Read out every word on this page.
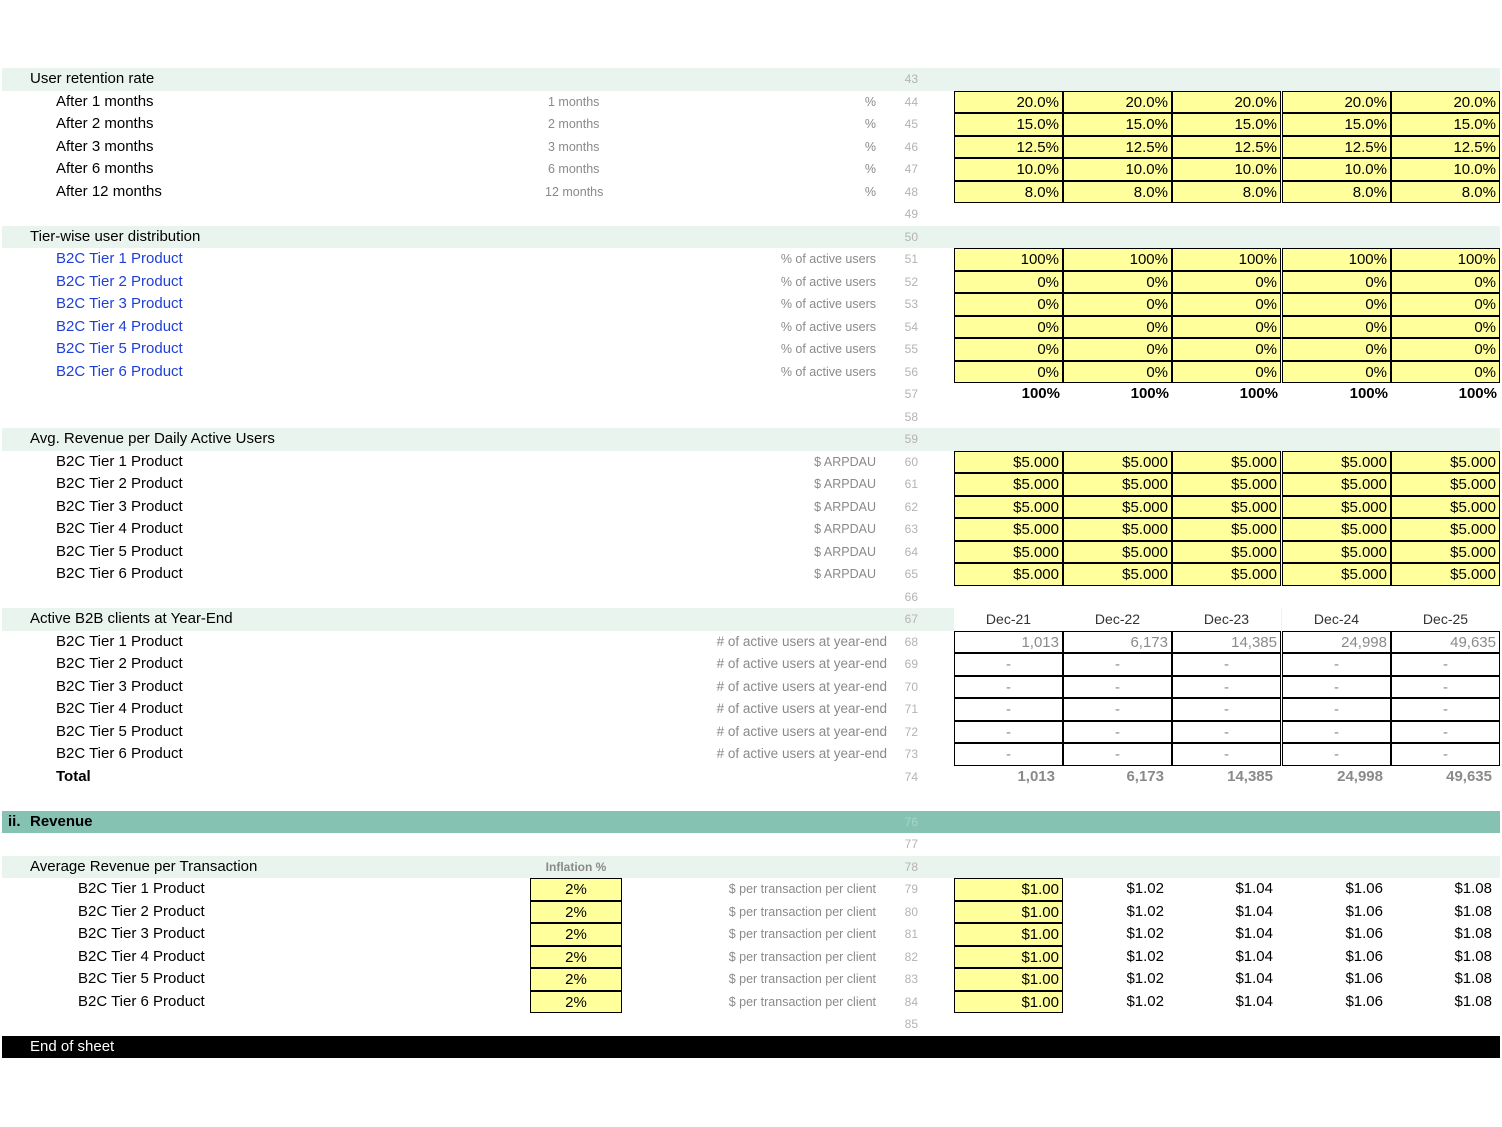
User retention rate	43
After 1 months	1 months	%	44	20.0%	20.0%	20.0%	20.0%	20.0%
After 2 months	2 months	%	45	15.0%	15.0%	15.0%	15.0%	15.0%
After 3 months	3 months	%	46	12.5%	12.5%	12.5%	12.5%	12.5%
After 6 months	6 months	%	47	10.0%	10.0%	10.0%	10.0%	10.0%
After 12 months	12 months	%	48	8.0%	8.0%	8.0%	8.0%	8.0%
49
Tier-wise user distribution	50
B2C Tier 1 Product	% of active users	51	100%	100%	100%	100%	100%
B2C Tier 2 Product	% of active users	52	0%	0%	0%	0%	0%
B2C Tier 3 Product	% of active users	53	0%	0%	0%	0%	0%
B2C Tier 4 Product	% of active users	54	0%	0%	0%	0%	0%
B2C Tier 5 Product	% of active users	55	0%	0%	0%	0%	0%
B2C Tier 6 Product	% of active users	56	0%	0%	0%	0%	0%
57	100%	100%	100%	100%	100%
58
Avg. Revenue per Daily Active Users	59
B2C Tier 1 Product	$ ARPDAU	60	$5.000	$5.000	$5.000	$5.000	$5.000
B2C Tier 2 Product	$ ARPDAU	61	$5.000	$5.000	$5.000	$5.000	$5.000
B2C Tier 3 Product	$ ARPDAU	62	$5.000	$5.000	$5.000	$5.000	$5.000
B2C Tier 4 Product	$ ARPDAU	63	$5.000	$5.000	$5.000	$5.000	$5.000
B2C Tier 5 Product	$ ARPDAU	64	$5.000	$5.000	$5.000	$5.000	$5.000
B2C Tier 6 Product	$ ARPDAU	65	$5.000	$5.000	$5.000	$5.000	$5.000
66
Active B2B clients at Year-End	67	Dec-21	Dec-22	Dec-23	Dec-24	Dec-25
B2C Tier 1 Product	# of active users at year-end	68	1,013	6,173	14,385	24,998	49,635
B2C Tier 2 Product	# of active users at year-end	69	-	-	-	-	-
B2C Tier 3 Product	# of active users at year-end	70	-	-	-	-	-
B2C Tier 4 Product	# of active users at year-end	71	-	-	-	-	-
B2C Tier 5 Product	# of active users at year-end	72	-	-	-	-	-
B2C Tier 6 Product	# of active users at year-end	73	-	-	-	-	-
Total	74	1,013	6,173	14,385	24,998	49,635
ii. Revenue	76
77
Average Revenue per Transaction	Inflation %	78
B2C Tier 1 Product	2%	$ per transaction per client	79	$1.00	$1.02	$1.04	$1.06	$1.08
B2C Tier 2 Product	2%	$ per transaction per client	80	$1.00	$1.02	$1.04	$1.06	$1.08
B2C Tier 3 Product	2%	$ per transaction per client	81	$1.00	$1.02	$1.04	$1.06	$1.08
B2C Tier 4 Product	2%	$ per transaction per client	82	$1.00	$1.02	$1.04	$1.06	$1.08
B2C Tier 5 Product	2%	$ per transaction per client	83	$1.00	$1.02	$1.04	$1.06	$1.08
B2C Tier 6 Product	2%	$ per transaction per client	84	$1.00	$1.02	$1.04	$1.06	$1.08
85
End of sheet
